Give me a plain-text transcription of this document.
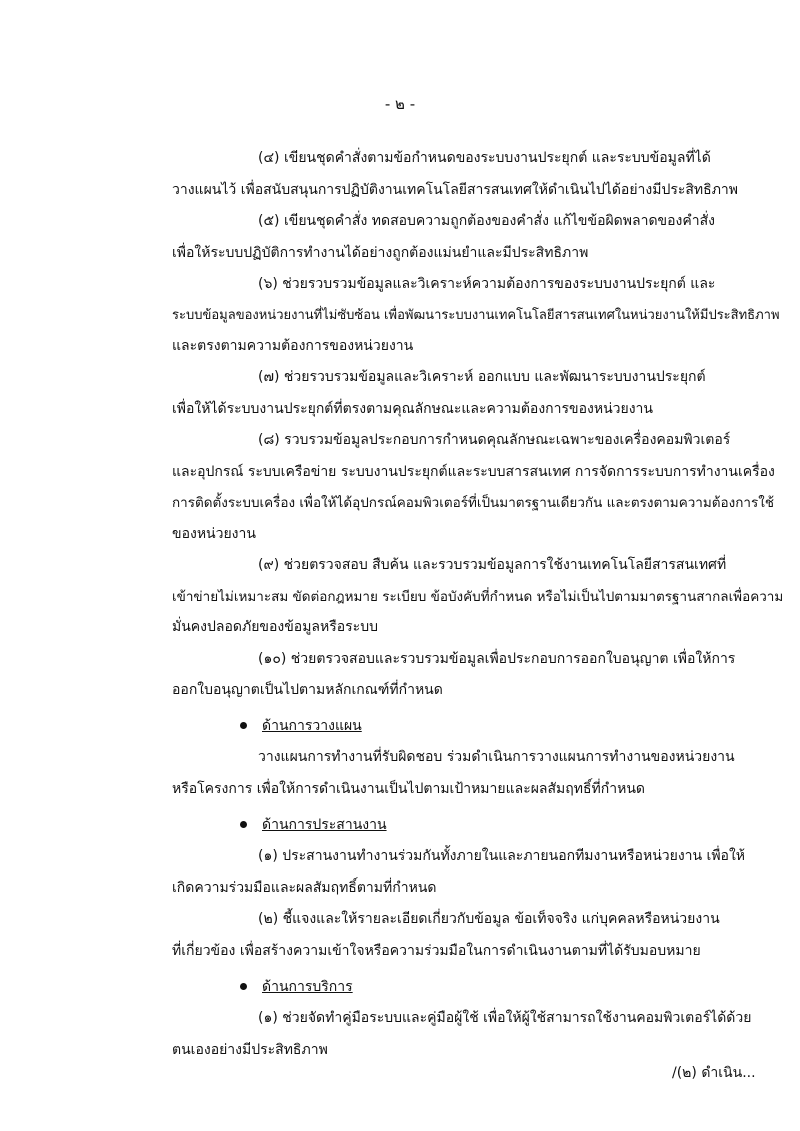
- ๒ -
(๔) เขียนชุดคำสั่งตามข้อกำหนดของระบบงานประยุกต์ และระบบข้อมูลที่ได้
วางแผนไว้ เพื่อสนับสนุนการปฏิบัติงานเทคโนโลยีสารสนเทศให้ดำเนินไปได้อย่างมีประสิทธิภาพ
(๕) เขียนชุดคำสั่ง ทดสอบความถูกต้องของคำสั่ง แก้ไขข้อผิดพลาดของคำสั่ง
เพื่อให้ระบบปฏิบัติการทำงานได้อย่างถูกต้องแม่นยำและมีประสิทธิภาพ
(๖) ช่วยรวบรวมข้อมูลและวิเคราะห์ความต้องการของระบบงานประยุกต์ และ
ระบบข้อมูลของหน่วยงานที่ไม่ซับซ้อน เพื่อพัฒนาระบบงานเทคโนโลยีสารสนเทศในหน่วยงานให้มีประสิทธิภาพ
และตรงตามความต้องการของหน่วยงาน
(๗) ช่วยรวบรวมข้อมูลและวิเคราะห์ ออกแบบ และพัฒนาระบบงานประยุกต์
เพื่อให้ได้ระบบงานประยุกต์ที่ตรงตามคุณลักษณะและความต้องการของหน่วยงาน
(๘) รวบรวมข้อมูลประกอบการกำหนดคุณลักษณะเฉพาะของเครื่องคอมพิวเตอร์
และอุปกรณ์ ระบบเครือข่าย ระบบงานประยุกต์และระบบสารสนเทศ การจัดการระบบการทำงานเครื่อง
การติดตั้งระบบเครื่อง เพื่อให้ได้อุปกรณ์คอมพิวเตอร์ที่เป็นมาตรฐานเดียวกัน และตรงตามความต้องการใช้
ของหน่วยงาน
(๙) ช่วยตรวจสอบ สืบค้น และรวบรวมข้อมูลการใช้งานเทคโนโลยีสารสนเทศที่
เข้าข่ายไม่เหมาะสม ขัดต่อกฎหมาย ระเบียบ ข้อบังคับที่กำหนด หรือไม่เป็นไปตามมาตรฐานสากลเพื่อความ
มั่นคงปลอดภัยของข้อมูลหรือระบบ
(๑๐) ช่วยตรวจสอบและรวบรวมข้อมูลเพื่อประกอบการออกใบอนุญาต เพื่อให้การ
ออกใบอนุญาตเป็นไปตามหลักเกณฑ์ที่กำหนด
ด้านการวางแผน
วางแผนการทำงานที่รับผิดชอบ ร่วมดำเนินการวางแผนการทำงานของหน่วยงาน
หรือโครงการ เพื่อให้การดำเนินงานเป็นไปตามเป้าหมายและผลสัมฤทธิ์ที่กำหนด
ด้านการประสานงาน
(๑) ประสานงานทำงานร่วมกันทั้งภายในและภายนอกทีมงานหรือหน่วยงาน เพื่อให้
เกิดความร่วมมือและผลสัมฤทธิ์ตามที่กำหนด
(๒) ชี้แจงและให้รายละเอียดเกี่ยวกับข้อมูล ข้อเท็จจริง แก่บุคคลหรือหน่วยงาน
ที่เกี่ยวข้อง เพื่อสร้างความเข้าใจหรือความร่วมมือในการดำเนินงานตามที่ได้รับมอบหมาย
ด้านการบริการ
(๑) ช่วยจัดทำคู่มือระบบและคู่มือผู้ใช้ เพื่อให้ผู้ใช้สามารถใช้งานคอมพิวเตอร์ได้ด้วย
ตนเองอย่างมีประสิทธิภาพ
/(๒) ดำเนิน...
